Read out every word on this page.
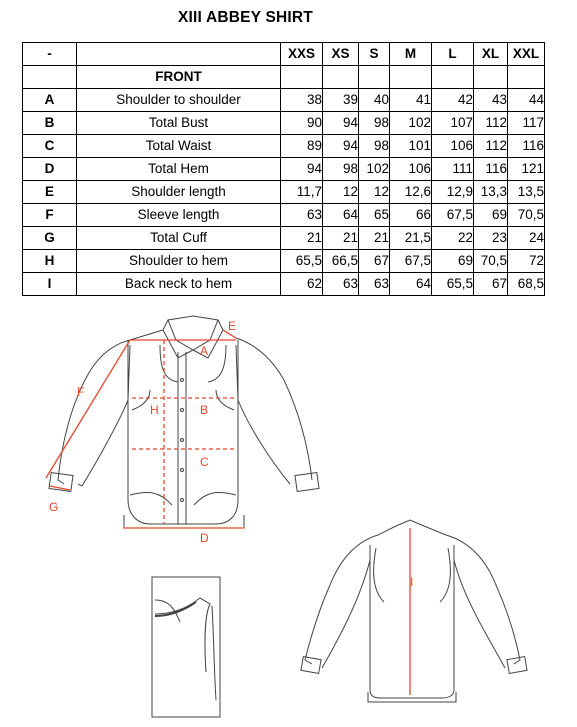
XIII ABBEY SHIRT
-		XXS	XS	S	M	L	XL	XXL
	FRONT							
A	Shoulder to shoulder	38	39	40	41	42	43	44
B	Total Bust	90	94	98	102	107	112	117
C	Total Waist	89	94	98	101	106	112	116
D	Total Hem	94	98	102	106	111	116	121
E	Shoulder length	11,7	12	12	12,6	12,9	13,3	13,5
F	Sleeve length	63	64	65	66	67,5	69	70,5
G	Total Cuff	21	21	21	21,5	22	23	24
H	Shoulder to hem	65,5	66,5	67	67,5	69	70,5	72
I	Back neck to hem	62	63	63	64	65,5	67	68,5
A
B
C
D
E
F
G
H
I
